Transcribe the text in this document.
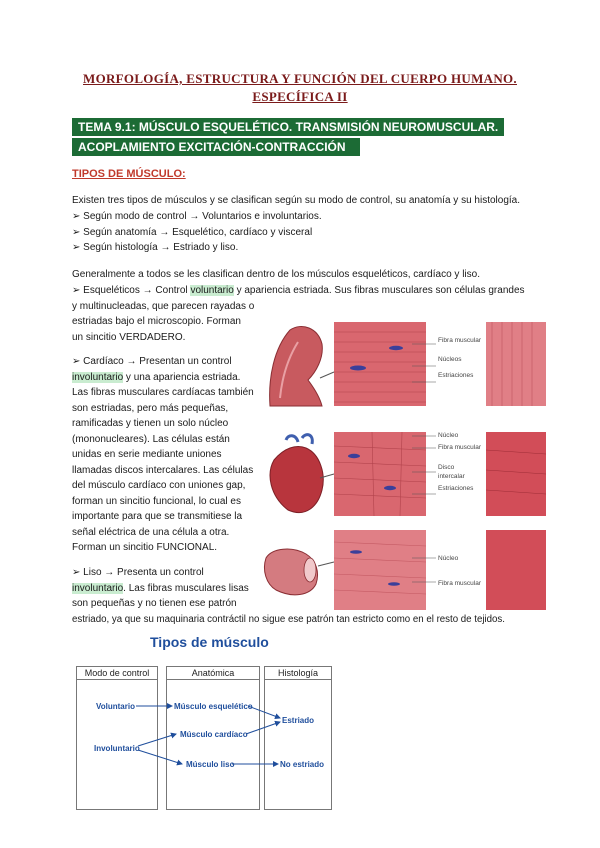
MORFOLOGÍA, ESTRUCTURA Y FUNCIÓN DEL CUERPO HUMANO.
ESPECÍFICA II
TEMA 9.1: MÚSCULO ESQUELÉTICO. TRANSMISIÓN NEUROMUSCULAR.
ACOPLAMIENTO EXCITACIÓN-CONTRACCIÓN
TIPOS DE MÚSCULO:
Existen tres tipos de músculos y se clasifican según su modo de control, su anatomía y su histología.
➢ Según modo de control → Voluntarios e involuntarios.
➢ Según anatomía → Esquelético, cardíaco y visceral
➢ Según histología → Estriado y liso.
Generalmente a todos se les clasifican dentro de los músculos esqueléticos, cardíaco y liso.
➢ Esqueléticos → Control voluntario y apariencia estriada. Sus fibras musculares son células grandes
y multinucleadas, que parecen rayadas o
estriadas bajo el microscopio. Forman
un sincitio VERDADERO.
➢ Cardíaco → Presentan un control
involuntario y una apariencia estriada.
Las fibras musculares cardíacas también
son estriadas, pero más pequeñas,
ramificadas y tienen un solo núcleo
(mononucleares). Las células están
unidas en serie mediante uniones
llamadas discos intercalares. Las células
del músculo cardíaco con uniones gap,
forman un sincitio funcional, lo cual es
importante para que se transmitiese la
señal eléctrica de una célula a otra.
Forman un sincitio FUNCIONAL.
➢ Liso → Presenta un control
involuntario. Las fibras musculares lisas
son pequeñas y no tienen ese patrón
estriado, ya que su maquinaria contráctil no sigue ese patrón tan estricto como en el resto de tejidos.
Fibra muscular
Núcleos
Estriaciones
Núcleo
Fibra muscular
Disco intercalar
Estriaciones
Núcleo
Fibra muscular
Tipos de músculo
Modo de control	Anatómica	Histología
Voluntario
Involuntario
Músculo esquelético
Músculo cardíaco
Músculo liso
Estriado
No estriado
